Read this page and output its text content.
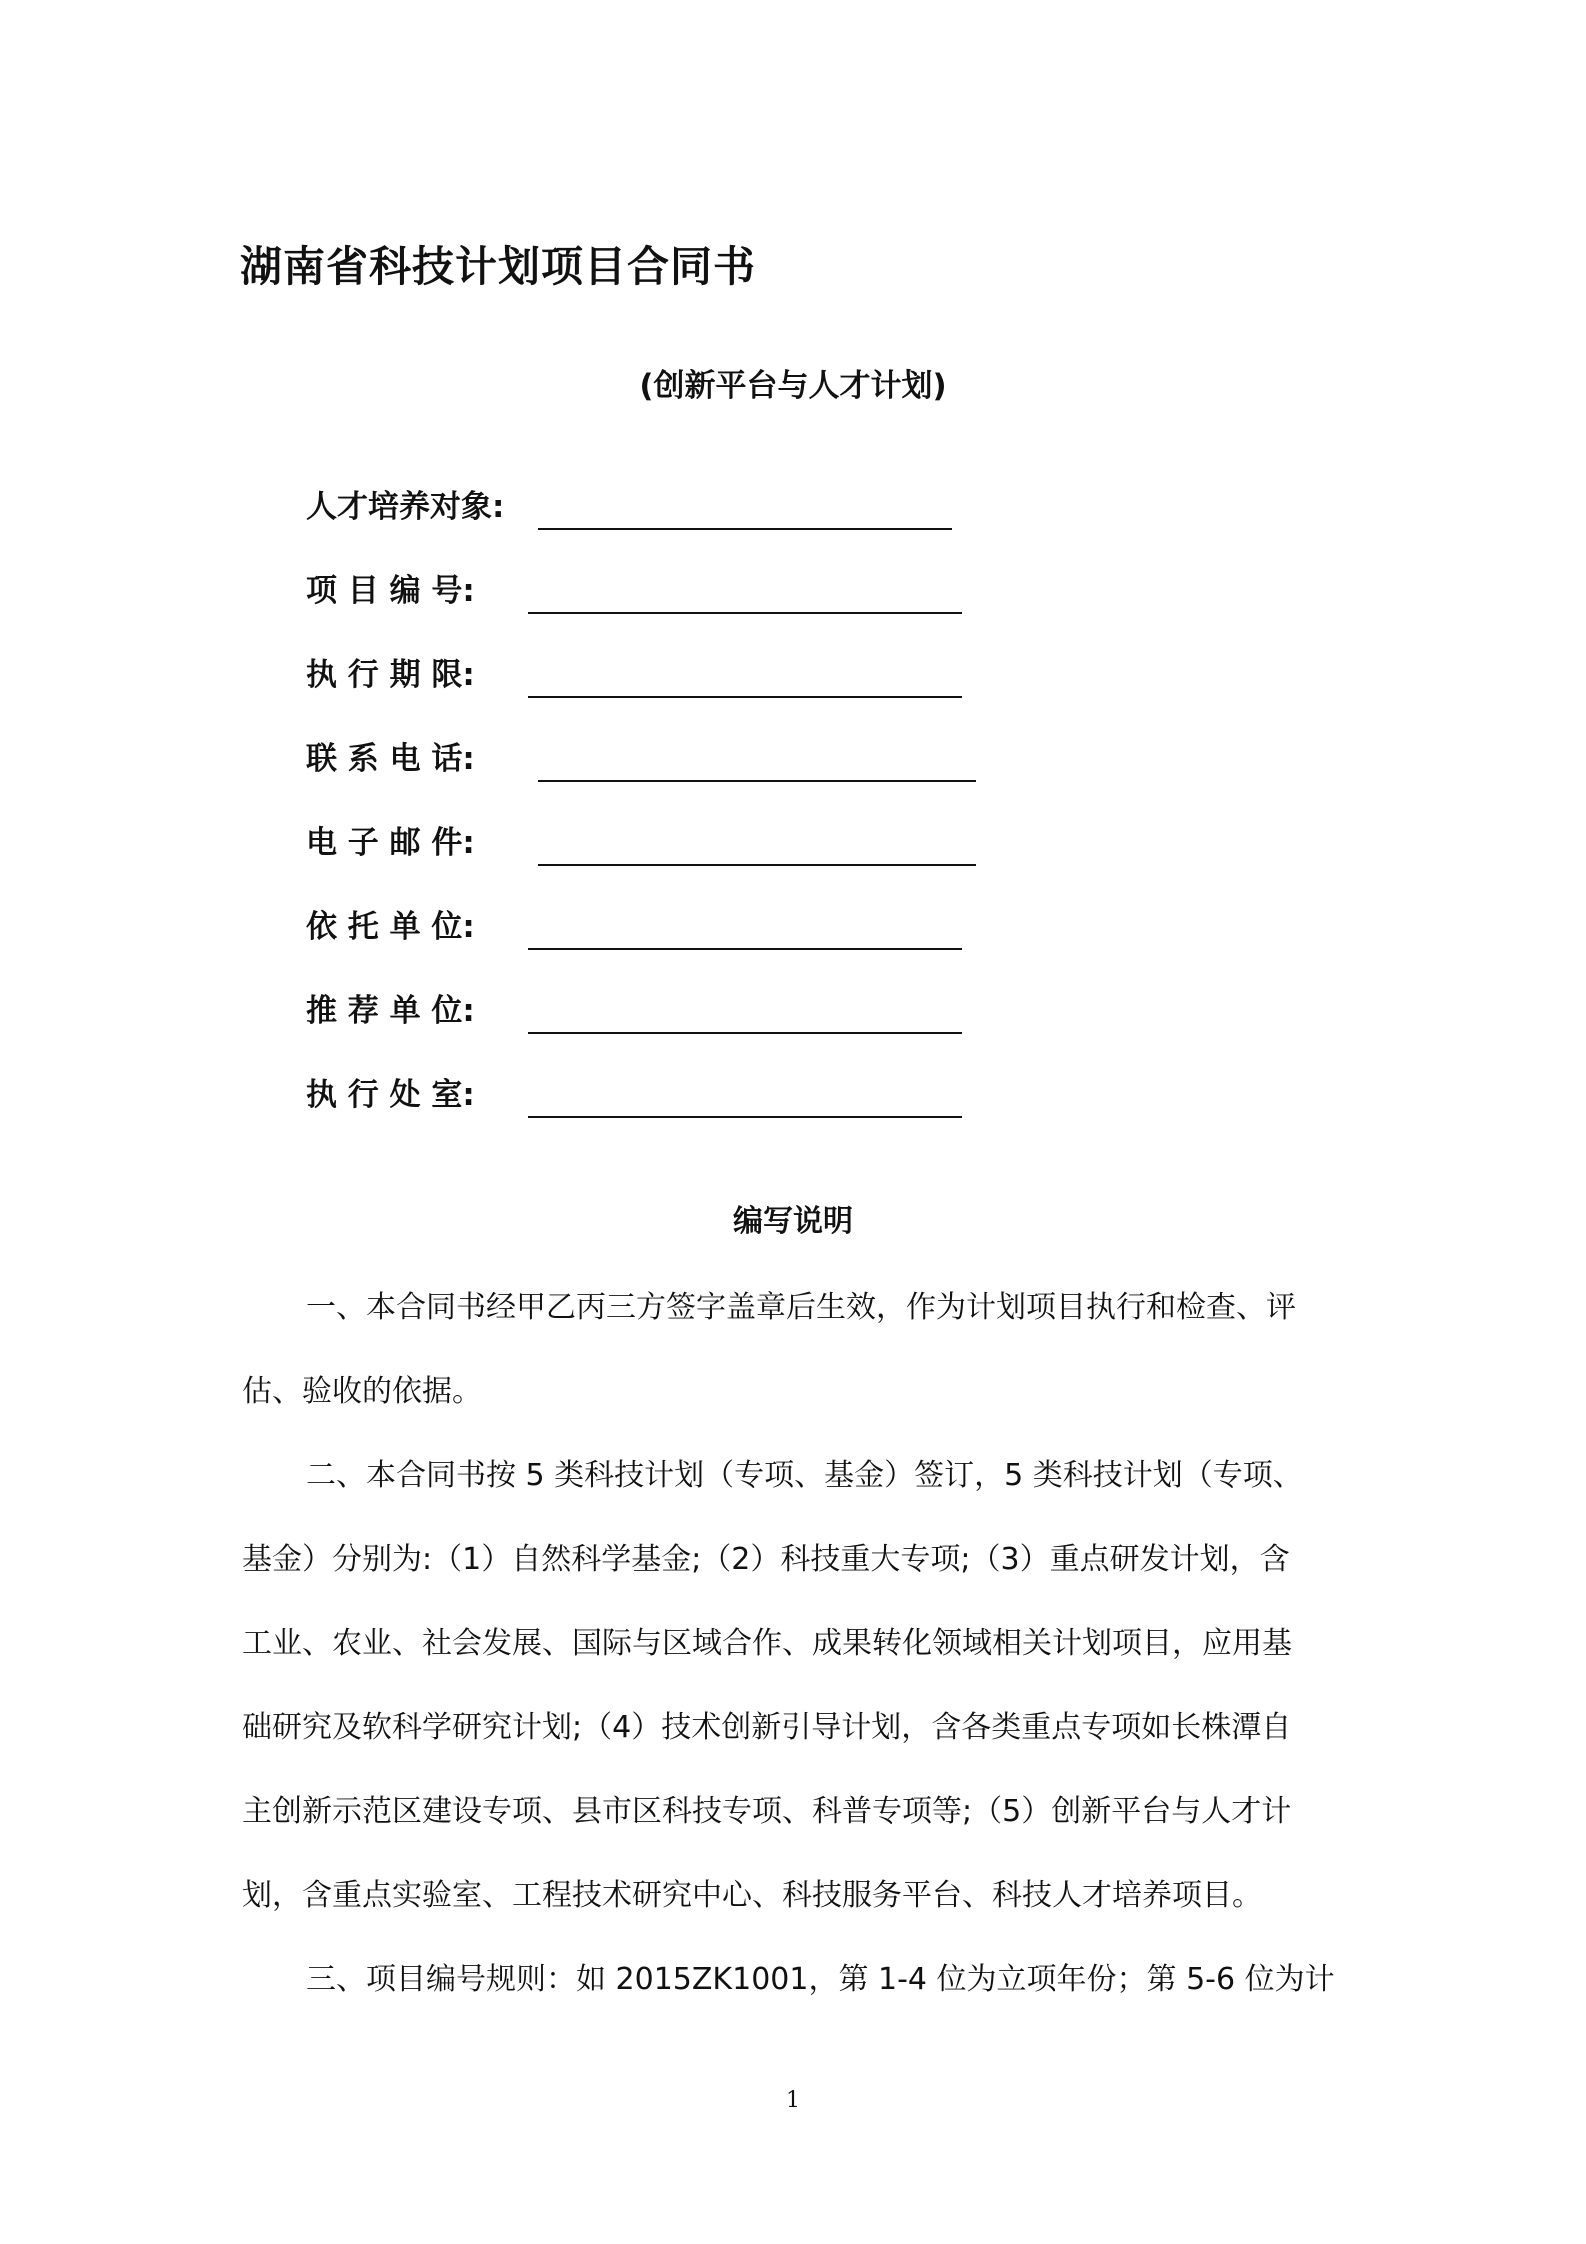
湖南省科技计划项目合同书
(创新平台与人才计划)
人才培养对象:
项 目 编 号:
执 行 期 限:
联 系 电 话:
电 子 邮 件:
依 托 单 位:
推 荐 单 位:
执 行 处 室:
编写说明
一、本合同书经甲乙丙三方签字盖章后生效，作为计划项目执行和检查、评
估、验收的依据。
二、本合同书按 5 类科技计划（专项、基金）签订，5 类科技计划（专项、
基金）分别为:（1）自然科学基金;（2）科技重大专项;（3）重点研发计划，含
工业、农业、社会发展、国际与区域合作、成果转化领域相关计划项目，应用基
础研究及软科学研究计划;（4）技术创新引导计划，含各类重点专项如长株潭自
主创新示范区建设专项、县市区科技专项、科普专项等;（5）创新平台与人才计
划，含重点实验室、工程技术研究中心、科技服务平台、科技人才培养项目。
三、项目编号规则：如 2015ZK1001，第 1-4 位为立项年份；第 5-6 位为计
1
